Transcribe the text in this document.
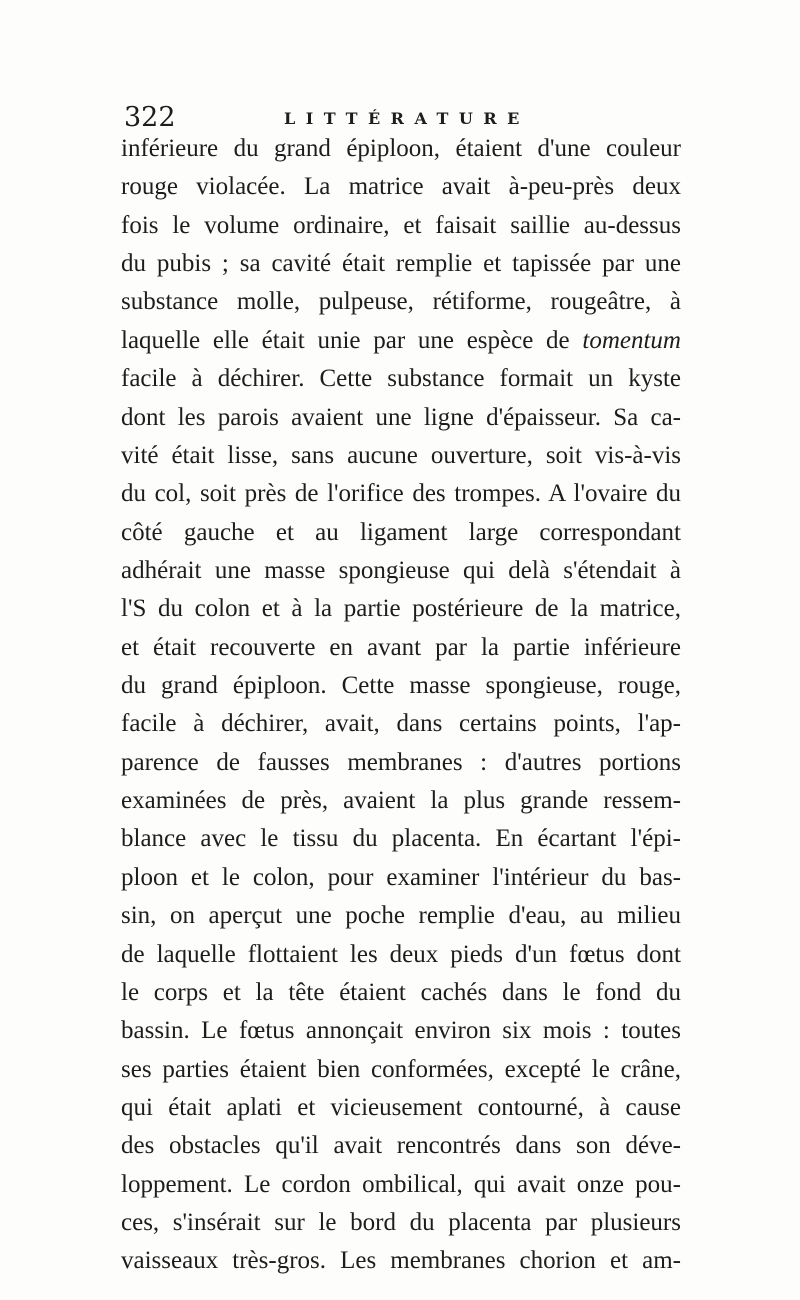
322	LITTÉRATURE
inférieure du grand épiploon, étaient d'une couleur
rouge violacée. La matrice avait à-peu-près deux
fois le volume ordinaire, et faisait saillie au-dessus
du pubis ; sa cavité était remplie et tapissée par une
substance molle, pulpeuse, rétiforme, rougeâtre, à
laquelle elle était unie par une espèce de tomentum
facile à déchirer. Cette substance formait un kyste
dont les parois avaient une ligne d'épaisseur. Sa ca-
vité était lisse, sans aucune ouverture, soit vis-à-vis
du col, soit près de l'orifice des trompes. A l'ovaire du
côté gauche et au ligament large correspondant
adhérait une masse spongieuse qui delà s'étendait à
l'S du colon et à la partie postérieure de la matrice,
et était recouverte en avant par la partie inférieure
du grand épiploon. Cette masse spongieuse, rouge,
facile à déchirer, avait, dans certains points, l'ap-
parence de fausses membranes : d'autres portions
examinées de près, avaient la plus grande ressem-
blance avec le tissu du placenta. En écartant l'épi-
ploon et le colon, pour examiner l'intérieur du bas-
sin, on aperçut une poche remplie d'eau, au milieu
de laquelle flottaient les deux pieds d'un fœtus dont
le corps et la tête étaient cachés dans le fond du
bassin. Le fœtus annonçait environ six mois : toutes
ses parties étaient bien conformées, excepté le crâne,
qui était aplati et vicieusement contourné, à cause
des obstacles qu'il avait rencontrés dans son déve-
loppement. Le cordon ombilical, qui avait onze pou-
ces, s'insérait sur le bord du placenta par plusieurs
vaisseaux très-gros. Les membranes chorion et am-
